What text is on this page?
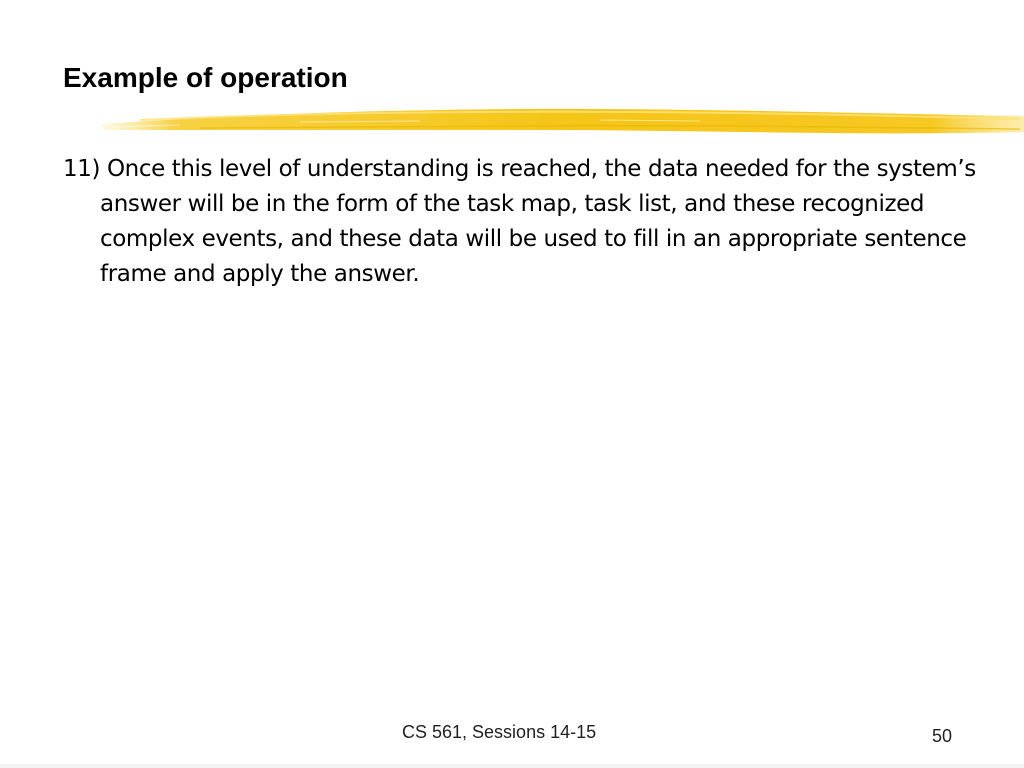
Example of operation

11) Once this level of understanding is reached, the data needed for the system’s answer will be in the form of the task map, task list, and these recognized complex events, and these data will be used to fill in an appropriate sentence frame and apply the answer.

CS 561, Sessions 14-15	50
